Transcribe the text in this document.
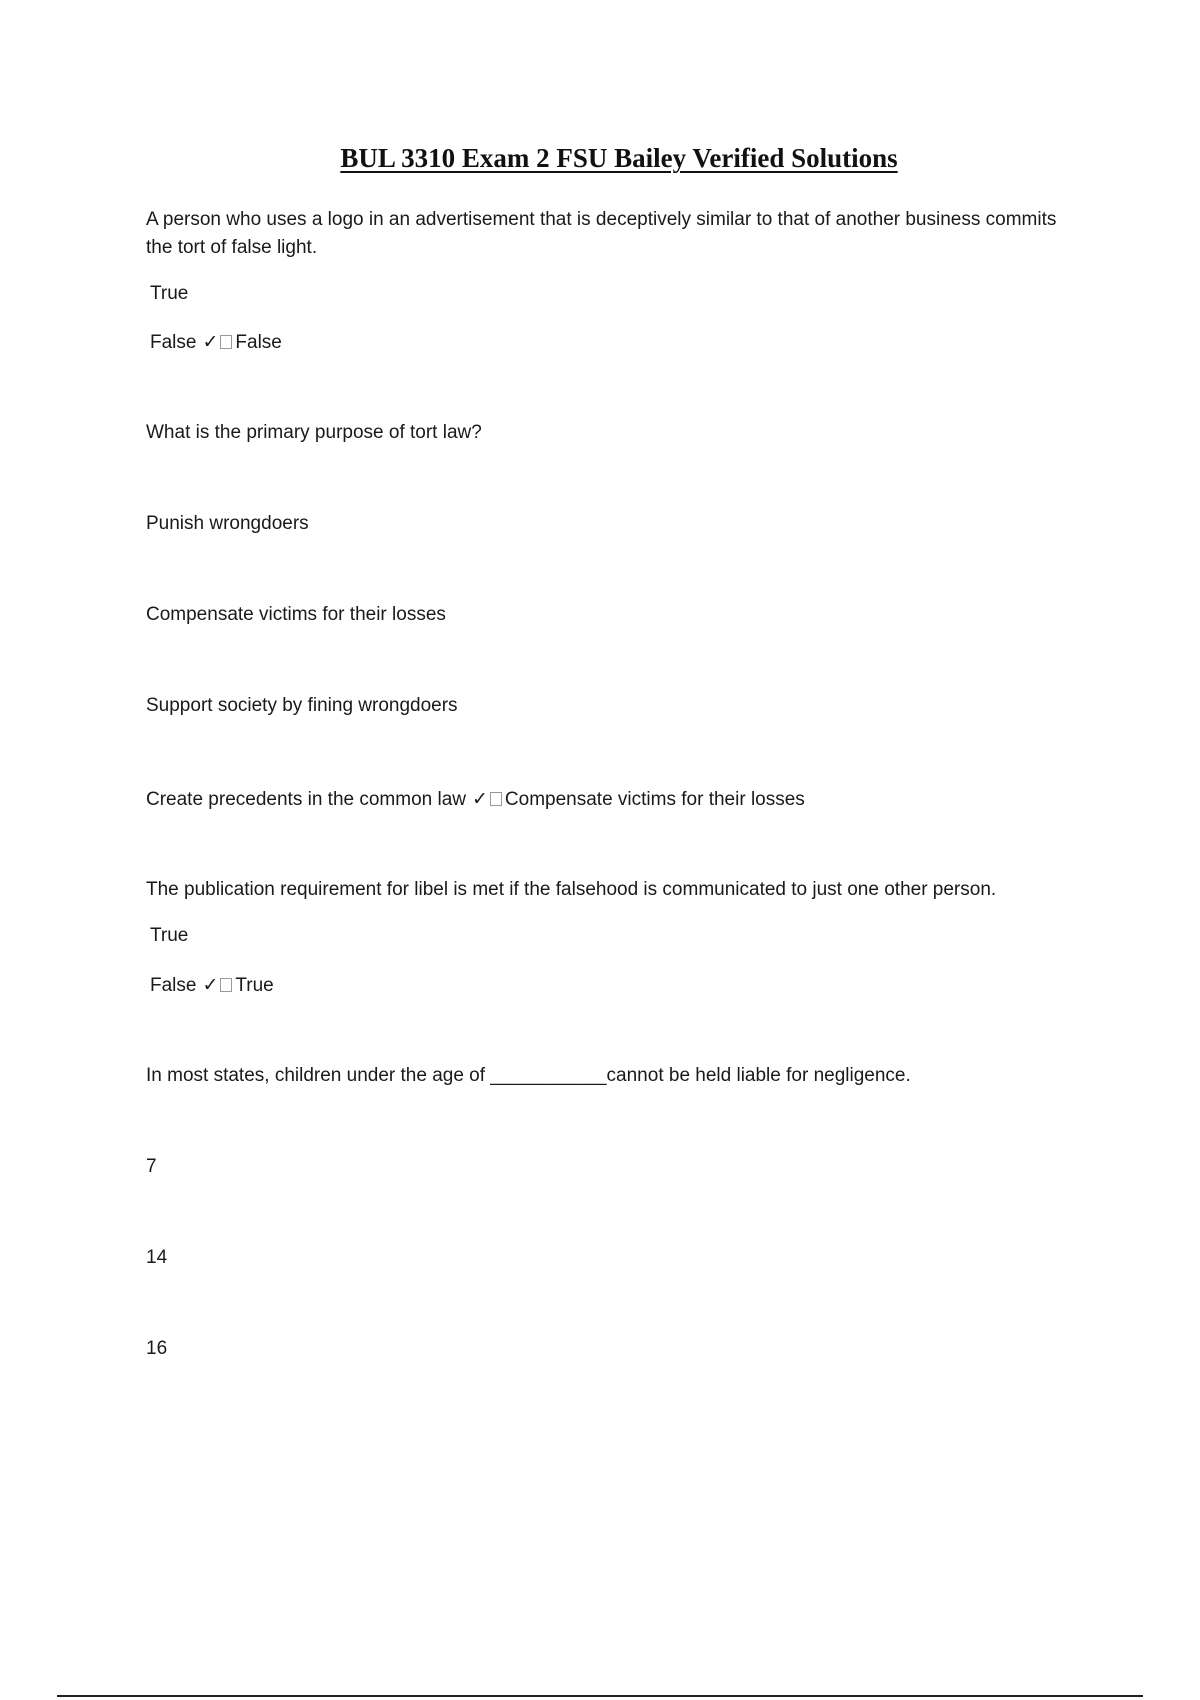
BUL 3310 Exam 2 FSU Bailey Verified Solutions
A person who uses a logo in an advertisement that is deceptively similar to that of another business commits the tort of false light.
True
False ✓ False
What is the primary purpose of tort law?
Punish wrongdoers
Compensate victims for their losses
Support society by fining wrongdoers
Create precedents in the common law ✓ Compensate victims for their losses
The publication requirement for libel is met if the falsehood is communicated to just one other person.
True
False ✓ True
In most states, children under the age of ___________cannot be held liable for negligence.
7
14
16
